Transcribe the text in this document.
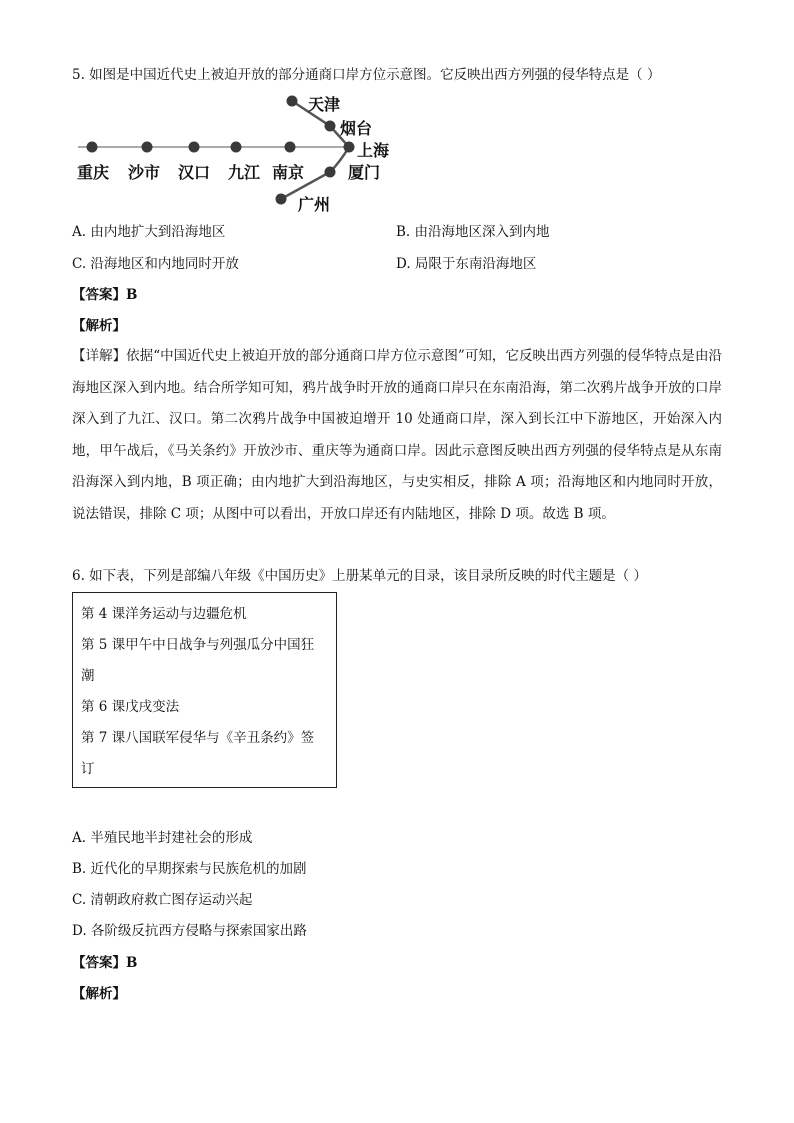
5. 如图是中国近代史上被迫开放的部分通商口岸方位示意图。它反映出西方列强的侵华特点是（ ）
重庆 沙市 汉口 九江 南京
天津
烟台
上海
厦门
广州
A. 由内地扩大到沿海地区	B. 由沿海地区深入到内地
C. 沿海地区和内地同时开放	D. 局限于东南沿海地区
【答案】B
【解析】
【详解】依据“中国近代史上被迫开放的部分通商口岸方位示意图”可知，它反映出西方列强的侵华特点是由沿海地区深入到内地。结合所学知可知，鸦片战争时开放的通商口岸只在东南沿海，第二次鸦片战争开放的口岸深入到了九江、汉口。第二次鸦片战争中国被迫增开 10 处通商口岸，深入到长江中下游地区，开始深入内地，甲午战后，《马关条约》开放沙市、重庆等为通商口岸。因此示意图反映出西方列强的侵华特点是从东南沿海深入到内地，B 项正确；由内地扩大到沿海地区，与史实相反，排除 A 项；沿海地区和内地同时开放，说法错误，排除 C 项；从图中可以看出，开放口岸还有内陆地区，排除 D 项。故选 B 项。
6. 如下表，下列是部编八年级《中国历史》上册某单元的目录，该目录所反映的时代主题是（ ）
第 4 课洋务运动与边疆危机
第 5 课甲午中日战争与列强瓜分中国狂
潮
第 6 课戊戌变法
第 7 课八国联军侵华与《辛丑条约》签
订
A. 半殖民地半封建社会的形成
B. 近代化的早期探索与民族危机的加剧
C. 清朝政府救亡图存运动兴起
D. 各阶级反抗西方侵略与探索国家出路
【答案】B
【解析】
